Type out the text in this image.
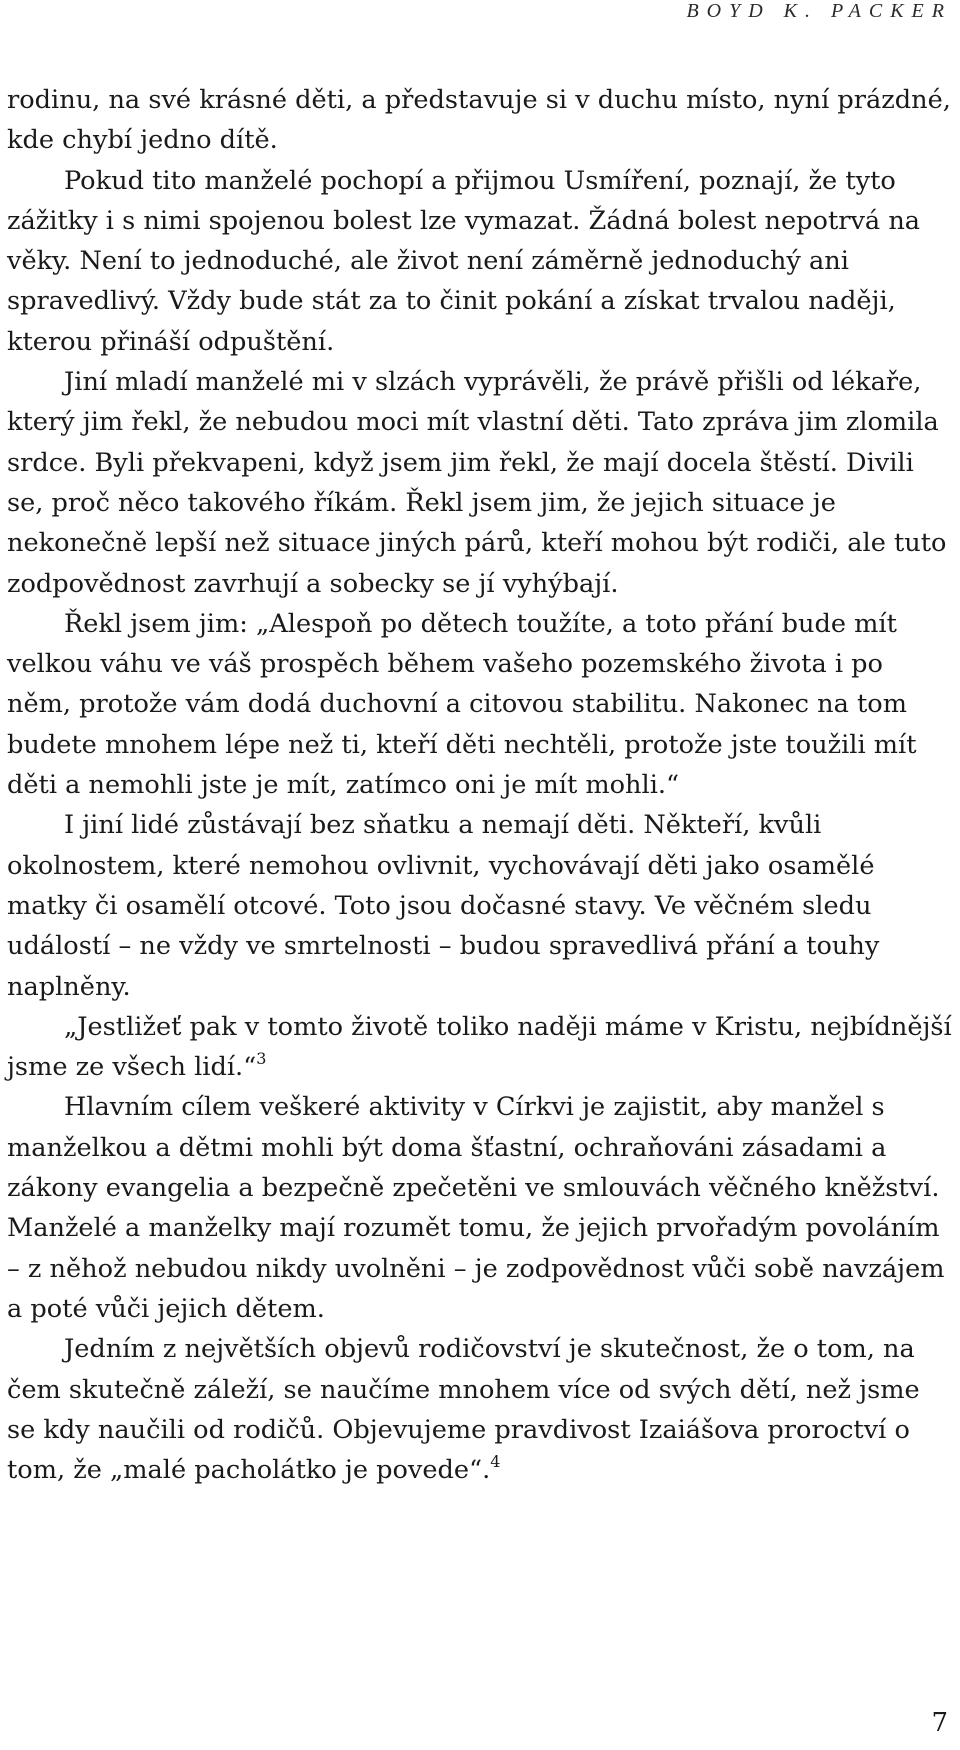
BOYD K. PACKER

rodinu, na své krásné děti, a představuje si v duchu místo, nyní prázdné, kde chybí jedno dítě.

Pokud tito manželé pochopí a přijmou Usmíření, poznají, že tyto zážitky i s nimi spojenou bolest lze vymazat. Žádná bolest nepotrvá na věky. Není to jednoduché, ale život není záměrně jednoduchý ani spravedlivý. Vždy bude stát za to činit pokání a získat trvalou naději, kterou přináší odpuštění.

Jiní mladí manželé mi v slzách vyprávěli, že právě přišli od lékaře, který jim řekl, že nebudou moci mít vlastní děti. Tato zpráva jim zlomila srdce. Byli překvapeni, když jsem jim řekl, že mají docela štěstí. Divili se, proč něco takového říkám. Řekl jsem jim, že jejich situace je nekonečně lepší než situace jiných párů, kteří mohou být rodiči, ale tuto zodpovědnost zavrhují a sobecky se jí vyhýbají.

Řekl jsem jim: „Alespoň po dětech toužíte, a toto přání bude mít velkou váhu ve váš prospěch během vašeho pozemského života i po něm, protože vám dodá duchovní a citovou stabilitu. Nakonec na tom budete mnohem lépe než ti, kteří děti nechtěli, protože jste toužili mít děti a nemohli jste je mít, zatímco oni je mít mohli.“

I jiní lidé zůstávají bez sňatku a nemají děti. Někteří, kvůli okolnostem, které nemohou ovlivnit, vychovávají děti jako osamělé matky či osamělí otcové. Toto jsou dočasné stavy. Ve věčném sledu událostí – ne vždy ve smrtelnosti – budou spravedlivá přání a touhy naplněny.

„Jestližeť pak v tomto životě toliko naději máme v Kristu, nejbídnější jsme ze všech lidí.“$^3$

Hlavním cílem veškeré aktivity v Církvi je zajistit, aby manžel s manželkou a dětmi mohli být doma šťastní, ochraňováni zásadami a zákony evangelia a bezpečně zpečetěni ve smlouvách věčného kněžství. Manželé a manželky mají rozumět tomu, že jejich prvořadým povoláním – z něhož nebudou nikdy uvolněni – je zodpovědnost vůči sobě navzájem a poté vůči jejich dětem.

Jedním z největších objevů rodičovství je skutečnost, že o tom, na čem skutečně záleží, se naučíme mnohem více od svých dětí, než jsme se kdy naučili od rodičů. Objevujeme pravdivost Izaiášova proroctví o tom, že „malé pacholátko je povede“.$^4$

7
